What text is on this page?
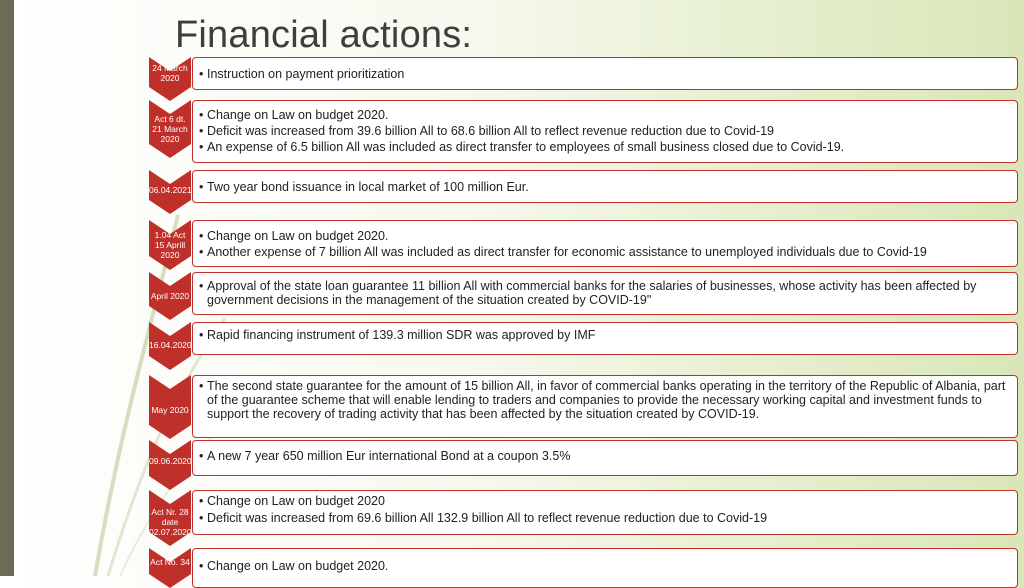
Financial actions:
24 March 2020	• Instruction on payment prioritization
Act 6 dt. 21 March 2020
• Change on Law on budget 2020.
• Deficit was increased from 39.6 billion All to 68.6 billion All to reflect revenue reduction due to Covid-19
• An expense of 6.5 billion All was included as direct transfer to employees of small business closed due to Covid-19.
06.04.2021 • Two year bond issuance in local market of 100 million Eur.
1.04 Act 15 Aprill 2020
• Change on Law on budget 2020.
• Another expense of 7 billion All was included as direct transfer for economic assistance to unemployed individuals due to Covid-19
April 2020
• Approval of the state loan guarantee 11 billion All with commercial banks for the salaries of businesses, whose activity has been affected by government decisions in the management of the situation created by COVID-19"
16.04.2020
• Rapid financing instrument of 139.3 million SDR was approved by IMF
May 2020
• The second state guarantee for the amount of 15 billion All, in favor of commercial banks operating in the territory of the Republic of Albania, part of the guarantee scheme that will enable lending to traders and companies to provide the necessary working capital and investment funds to support the recovery of trading activity that has been affected by the situation created by COVID-19.
09.06.2020 • A new 7 year 650 million Eur international Bond at a coupon 3.5%
Act Nr. 28 date 02.07.2020
• Change on Law on budget 2020
• Deficit was increased from 69.6 billion All 132.9 billion All to reflect revenue reduction due to Covid-19
Act No. 34 • Change on Law on budget 2020.
